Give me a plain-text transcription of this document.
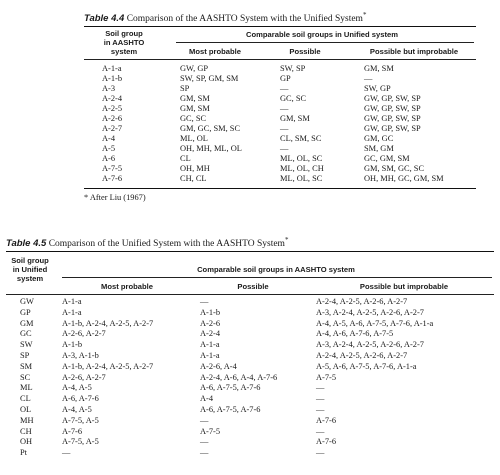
Table 4.4 Comparison of the AASHTO System with the Unified System*
Soil group
in AASHTO
system
Comparable soil groups in Unified system
Most probable	Possible	Possible but improbable
A-1-a	GW, GP	SW, SP	GM, SM
A-1-b	SW, SP, GM, SM	GP	—
A-3	SP	—	SW, GP
A-2-4	GM, SM	GC, SC	GW, GP, SW, SP
A-2-5	GM, SM	—	GW, GP, SW, SP
A-2-6	GC, SC	GM, SM	GW, GP, SW, SP
A-2-7	GM, GC, SM, SC	—	GW, GP, SW, SP
A-4	ML, OL	CL, SM, SC	GM, GC
A-5	OH, MH, ML, OL	—	SM, GM
A-6	CL	ML, OL, SC	GC, GM, SM
A-7-5	OH, MH	ML, OL, CH	GM, SM, GC, SC
A-7-6	CH, CL	ML, OL, SC	OH, MH, GC, GM, SM
* After Liu (1967)
Table 4.5 Comparison of the Unified System with the AASHTO System*
Soil group
in Unified
system
Comparable soil groups in AASHTO system
Most probable	Possible	Possible but improbable
GW	A-1-a	—	A-2-4, A-2-5, A-2-6, A-2-7
GP	A-1-a	A-1-b	A-3, A-2-4, A-2-5, A-2-6, A-2-7
GM	A-1-b, A-2-4, A-2-5, A-2-7	A-2-6	A-4, A-5, A-6, A-7-5, A-7-6, A-1-a
GC	A-2-6, A-2-7	A-2-4	A-4, A-6, A-7-6, A-7-5
SW	A-1-b	A-1-a	A-3, A-2-4, A-2-5, A-2-6, A-2-7
SP	A-3, A-1-b	A-1-a	A-2-4, A-2-5, A-2-6, A-2-7
SM	A-1-b, A-2-4, A-2-5, A-2-7	A-2-6, A-4	A-5, A-6, A-7-5, A-7-6, A-1-a
SC	A-2-6, A-2-7	A-2-4, A-6, A-4, A-7-6	A-7-5
ML	A-4, A-5	A-6, A-7-5, A-7-6	—
CL	A-6, A-7-6	A-4	—
OL	A-4, A-5	A-6, A-7-5, A-7-6	—
MH	A-7-5, A-5	—	A-7-6
CH	A-7-6	A-7-5	—
OH	A-7-5, A-5	—	A-7-6
Pt	—	—	—
